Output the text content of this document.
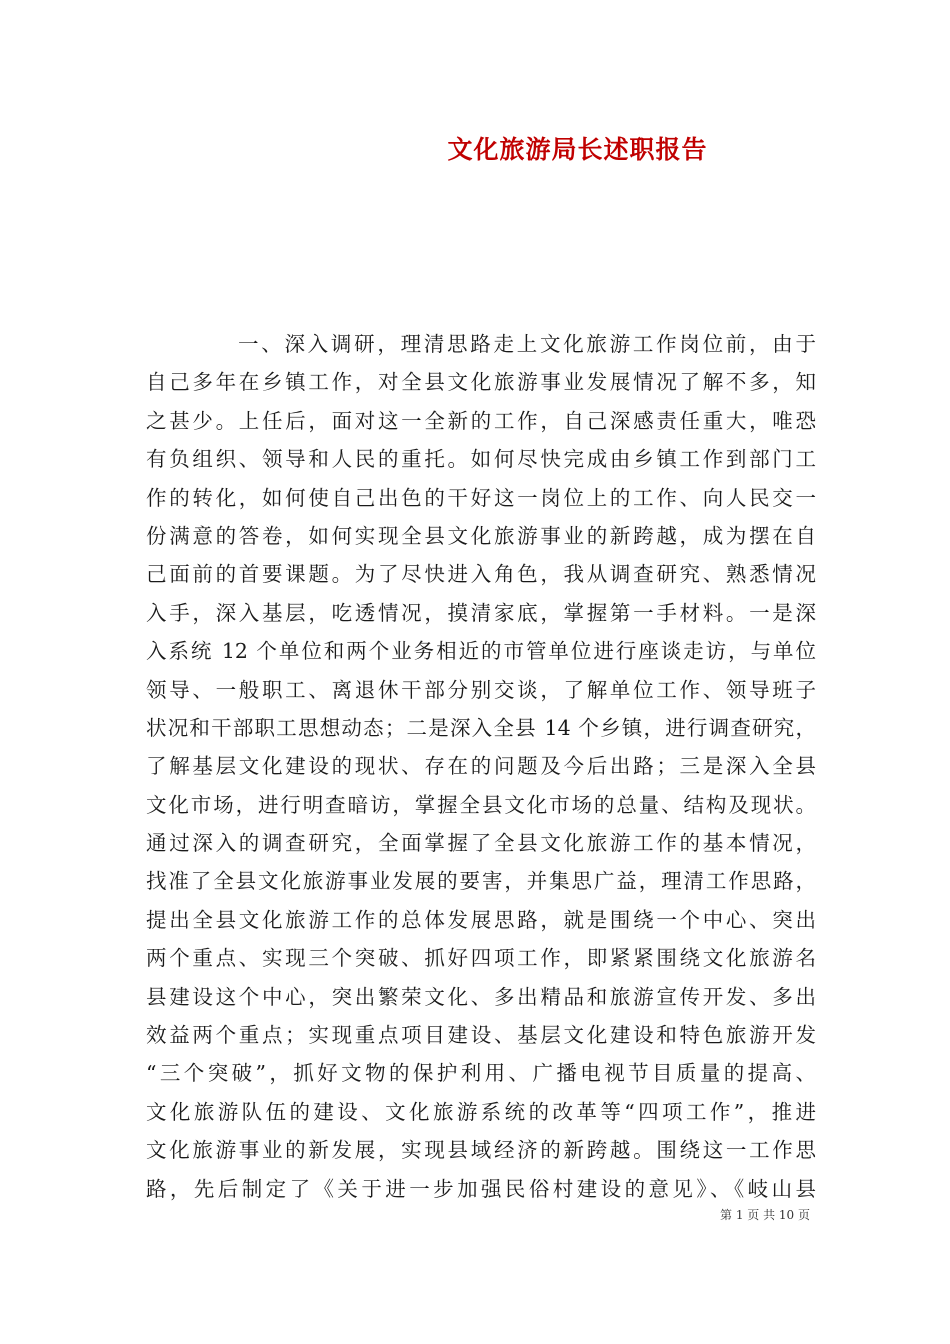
文化旅游局长述职报告
一、深入调研，理清思路走上文化旅游工作岗位前，由于
自己多年在乡镇工作，对全县文化旅游事业发展情况了解不多，知
之甚少。上任后，面对这一全新的工作，自己深感责任重大，唯恐
有负组织、领导和人民的重托。如何尽快完成由乡镇工作到部门工
作的转化，如何使自己出色的干好这一岗位上的工作、向人民交一
份满意的答卷，如何实现全县文化旅游事业的新跨越，成为摆在自
己面前的首要课题。为了尽快进入角色，我从调查研究、熟悉情况
入手，深入基层，吃透情况，摸清家底，掌握第一手材料。一是深
入系统 12 个单位和两个业务相近的市管单位进行座谈走访，与单位
领导、一般职工、离退休干部分别交谈，了解单位工作、领导班子
状况和干部职工思想动态；二是深入全县 14 个乡镇，进行调查研究，
了解基层文化建设的现状、存在的问题及今后出路；三是深入全县
文化市场，进行明查暗访，掌握全县文化市场的总量、结构及现状。
通过深入的调查研究，全面掌握了全县文化旅游工作的基本情况，
找准了全县文化旅游事业发展的要害，并集思广益，理清工作思路，
提出全县文化旅游工作的总体发展思路，就是围绕一个中心、突出
两个重点、实现三个突破、抓好四项工作，即紧紧围绕文化旅游名
县建设这个中心，突出繁荣文化、多出精品和旅游宣传开发、多出
效益两个重点；实现重点项目建设、基层文化建设和特色旅游开发
“三个突破”，抓好文物的保护利用、广播电视节目质量的提高、
文化旅游队伍的建设、文化旅游系统的改革等“四项工作”，推进
文化旅游事业的新发展，实现县域经济的新跨越。围绕这一工作思
路，先后制定了《关于进一步加强民俗村建设的意见》、《岐山县
第 1 页 共 10 页
